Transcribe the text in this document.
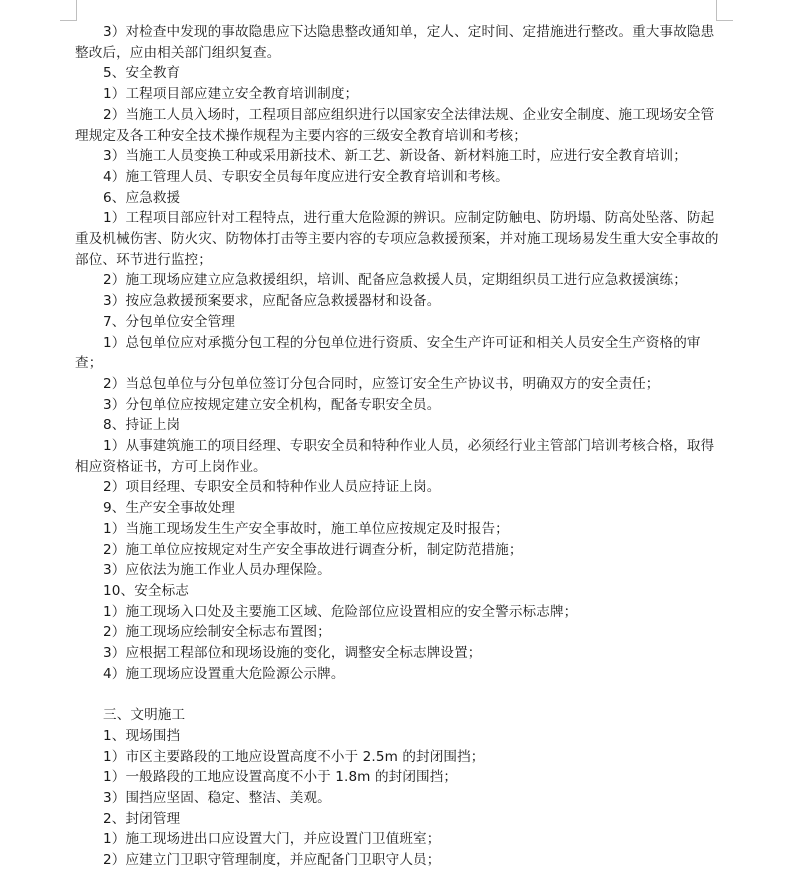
3）对检查中发现的事故隐患应下达隐患整改通知单，定人、定时间、定措施进行整改。重大事故隐患整改后，应由相关部门组织复查。
5、安全教育
1）工程项目部应建立安全教育培训制度；
2）当施工人员入场时，工程项目部应组织进行以国家安全法律法规、企业安全制度、施工现场安全管理规定及各工种安全技术操作规程为主要内容的三级安全教育培训和考核；
3）当施工人员变换工种或采用新技术、新工艺、新设备、新材料施工时，应进行安全教育培训；
4）施工管理人员、专职安全员每年度应进行安全教育培训和考核。
6、应急救援
1）工程项目部应针对工程特点，进行重大危险源的辨识。应制定防触电、防坍塌、防高处坠落、防起重及机械伤害、防火灾、防物体打击等主要内容的专项应急救援预案，并对施工现场易发生重大安全事故的部位、环节进行监控；
2）施工现场应建立应急救援组织，培训、配备应急救援人员，定期组织员工进行应急救援演练；
3）按应急救援预案要求，应配备应急救援器材和设备。
7、分包单位安全管理
1）总包单位应对承揽分包工程的分包单位进行资质、安全生产许可证和相关人员安全生产资格的审查；
2）当总包单位与分包单位签订分包合同时，应签订安全生产协议书，明确双方的安全责任；
3）分包单位应按规定建立安全机构，配备专职安全员。
8、持证上岗
1）从事建筑施工的项目经理、专职安全员和特种作业人员，必须经行业主管部门培训考核合格，取得相应资格证书，方可上岗作业。
2）项目经理、专职安全员和特种作业人员应持证上岗。
9、生产安全事故处理
1）当施工现场发生生产安全事故时，施工单位应按规定及时报告；
2）施工单位应按规定对生产安全事故进行调查分析，制定防范措施；
3）应依法为施工作业人员办理保险。
10、安全标志
1）施工现场入口处及主要施工区域、危险部位应设置相应的安全警示标志牌；
2）施工现场应绘制安全标志布置图；
3）应根据工程部位和现场设施的变化，调整安全标志牌设置；
4）施工现场应设置重大危险源公示牌。
三、文明施工
1、现场围挡
1）市区主要路段的工地应设置高度不小于 2.5m 的封闭围挡；
1）一般路段的工地应设置高度不小于 1.8m 的封闭围挡；
3）围挡应坚固、稳定、整洁、美观。
2、封闭管理
1）施工现场进出口应设置大门，并应设置门卫值班室；
2）应建立门卫职守管理制度，并应配备门卫职守人员；
